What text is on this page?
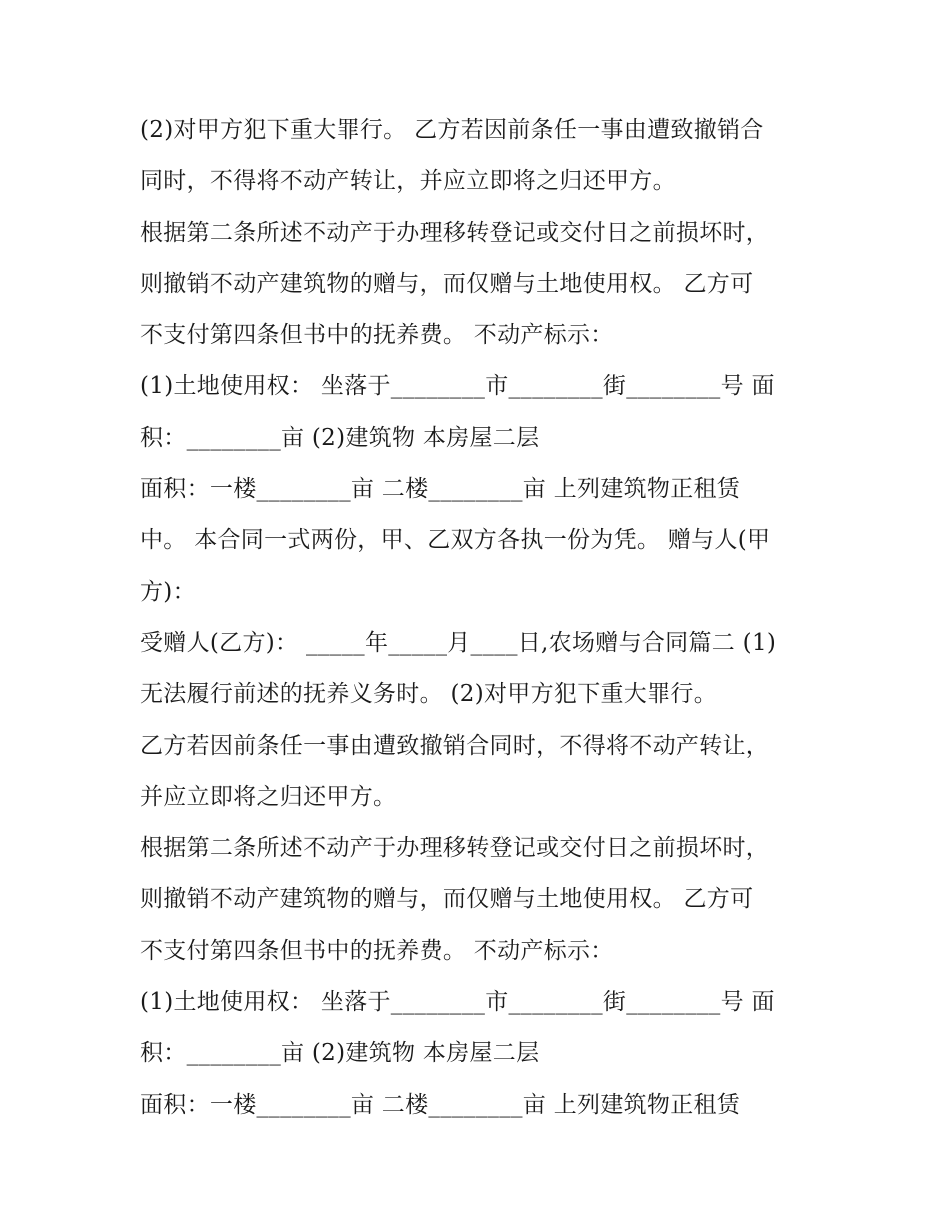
(2)对甲方犯下重大罪行。 乙方若因前条任一事由遭致撤销合
同时，不得将不动产转让，并应立即将之归还甲方。
根据第二条所述不动产于办理移转登记或交付日之前损坏时，
则撤销不动产建筑物的赠与，而仅赠与土地使用权。 乙方可
不支付第四条但书中的抚养费。 不动产标示：
(1)土地使用权： 坐落于________市________街________号 面
积：________亩 (2)建筑物 本房屋二层
面积：一楼________亩 二楼________亩 上列建筑物正租赁
中。 本合同一式两份，甲、乙双方各执一份为凭。 赠与人(甲
方)：
受赠人(乙方)： _____年_____月____日,农场赠与合同篇二 (1)
无法履行前述的抚养义务时。 (2)对甲方犯下重大罪行。
乙方若因前条任一事由遭致撤销合同时，不得将不动产转让，
并应立即将之归还甲方。
根据第二条所述不动产于办理移转登记或交付日之前损坏时，
则撤销不动产建筑物的赠与，而仅赠与土地使用权。 乙方可
不支付第四条但书中的抚养费。 不动产标示：
(1)土地使用权： 坐落于________市________街________号 面
积：________亩 (2)建筑物 本房屋二层
面积：一楼________亩 二楼________亩 上列建筑物正租赁
